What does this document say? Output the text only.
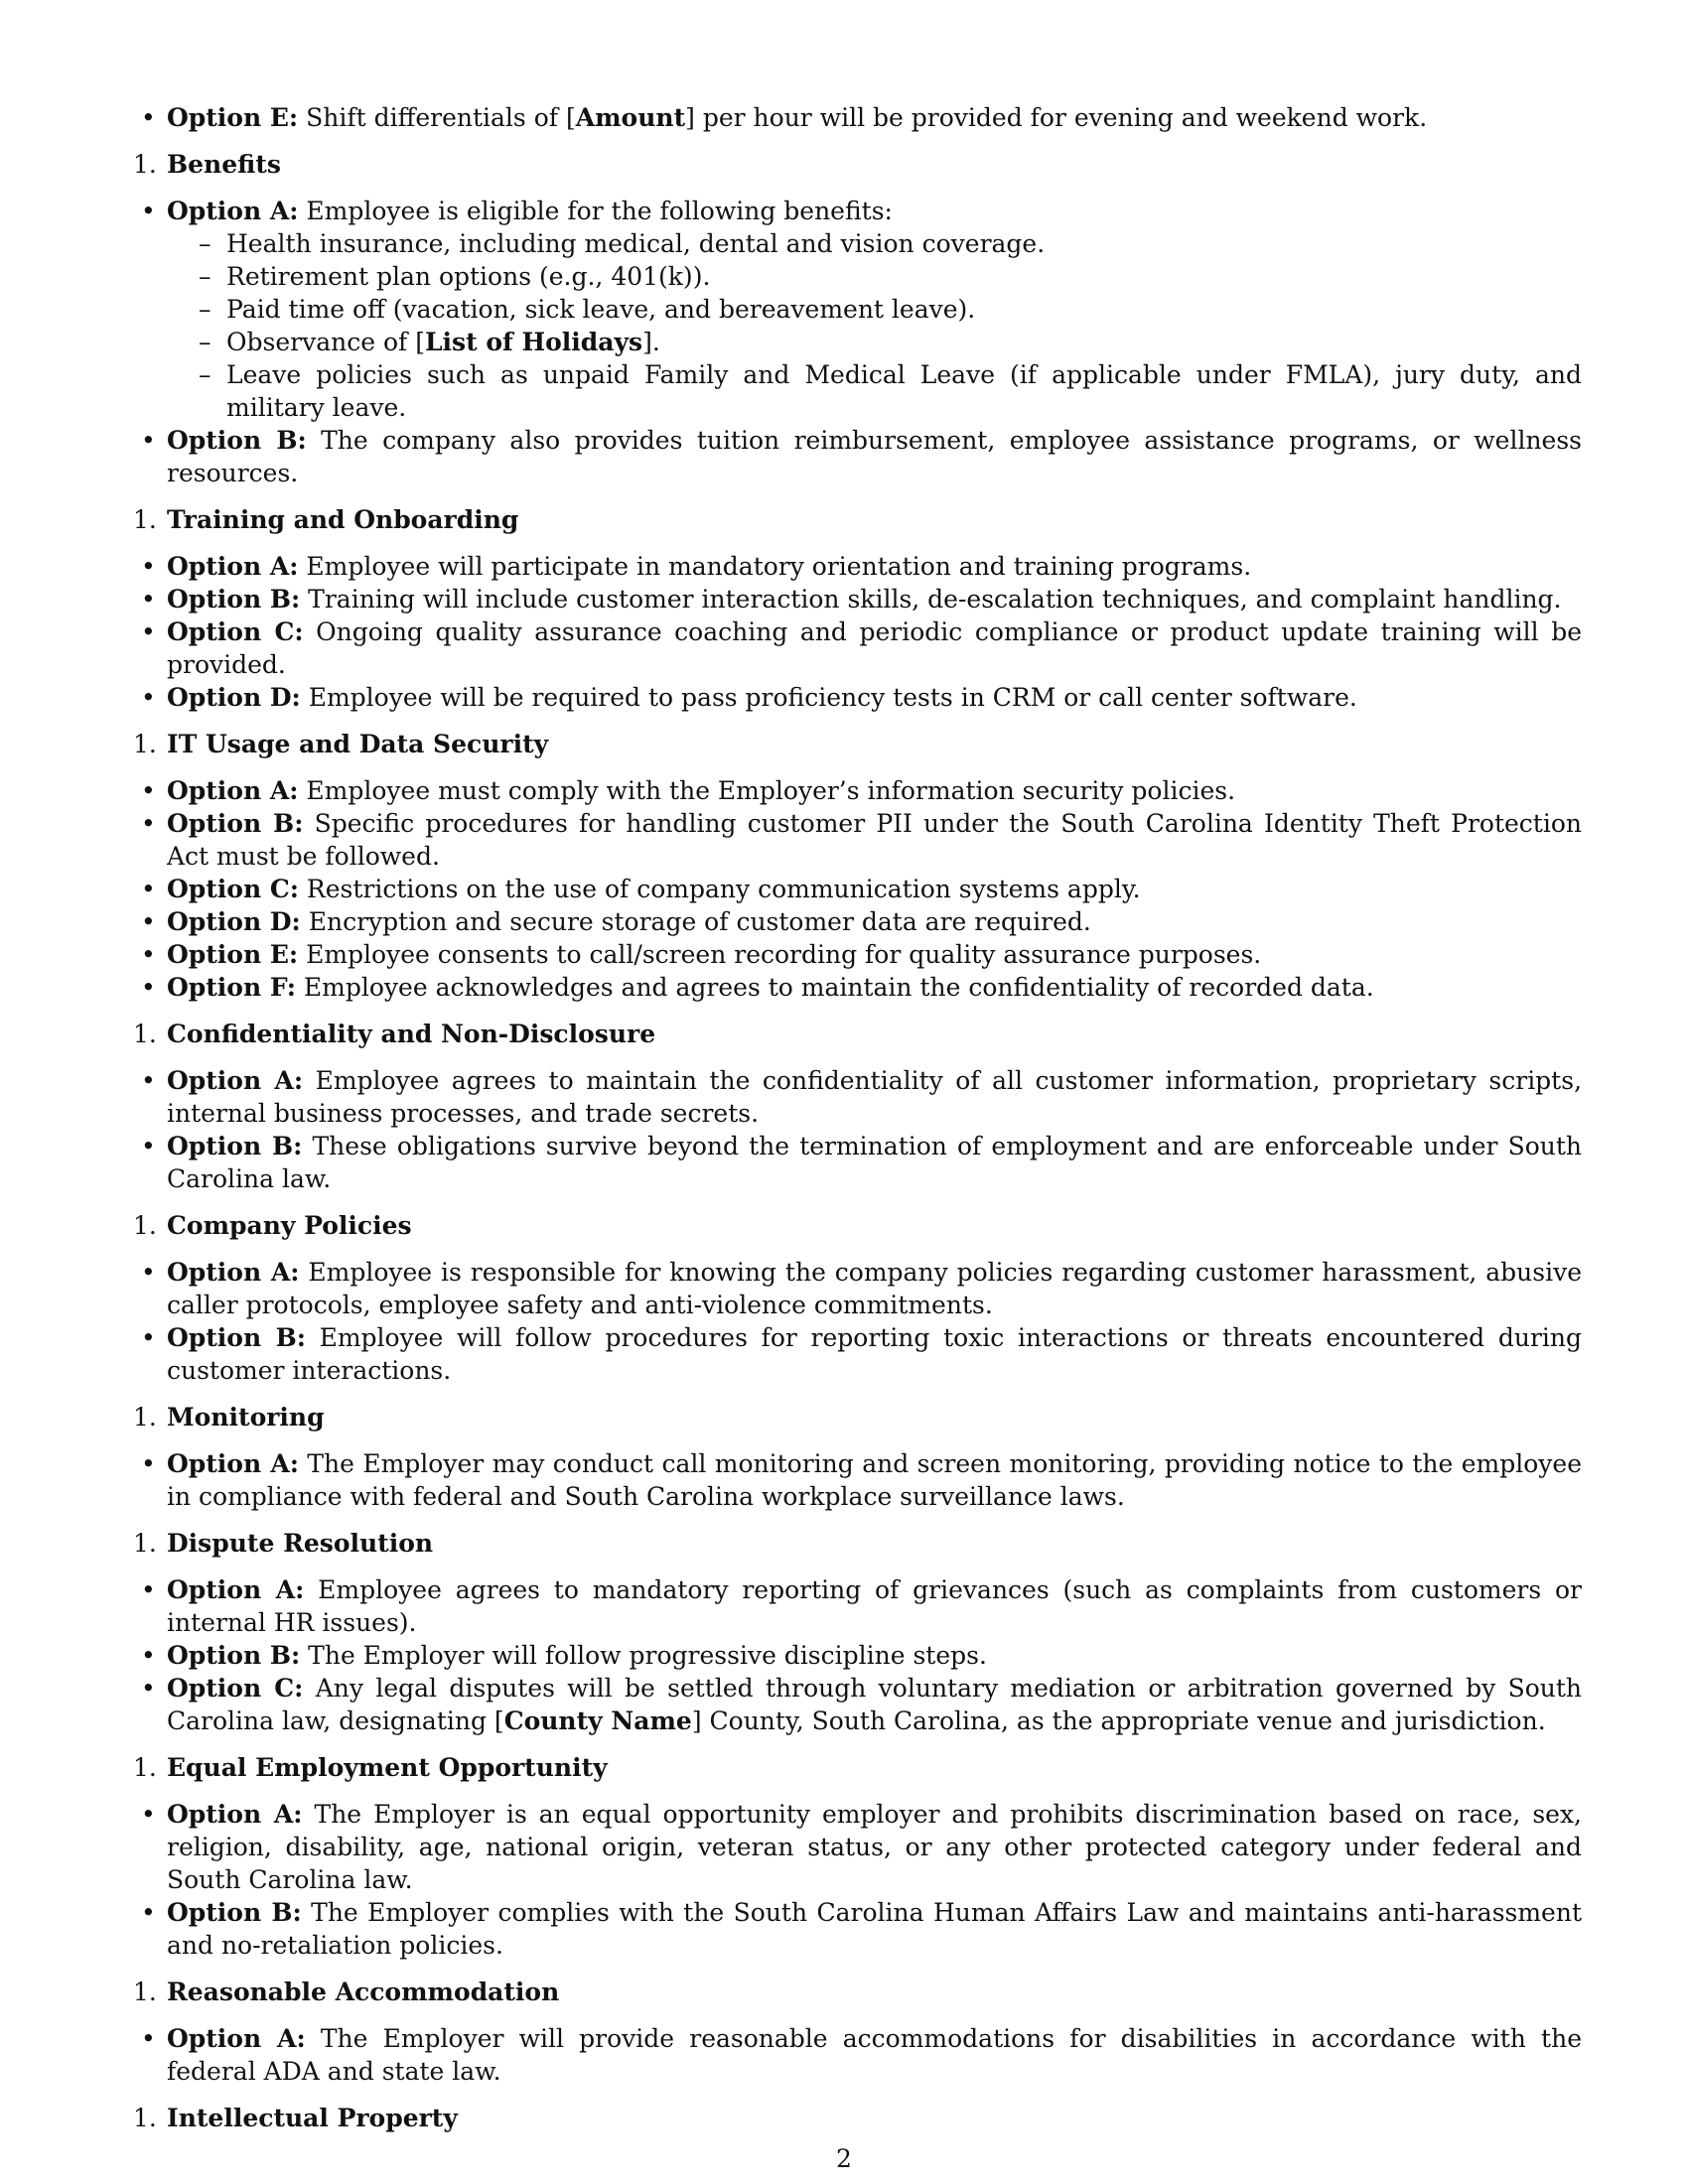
• Option E: Shift differentials of [Amount] per hour will be provided for evening and weekend work.
1. Benefits
• Option A: Employee is eligible for the following benefits:
– Health insurance, including medical, dental and vision coverage.
– Retirement plan options (e.g., 401(k)).
– Paid time off (vacation, sick leave, and bereavement leave).
– Observance of [List of Holidays].
– Leave policies such as unpaid Family and Medical Leave (if applicable under FMLA), jury duty, and military leave.
• Option B: The company also provides tuition reimbursement, employee assistance programs, or wellness resources.
1. Training and Onboarding
• Option A: Employee will participate in mandatory orientation and training programs.
• Option B: Training will include customer interaction skills, de-escalation techniques, and complaint handling.
• Option C: Ongoing quality assurance coaching and periodic compliance or product update training will be provided.
• Option D: Employee will be required to pass proficiency tests in CRM or call center software.
1. IT Usage and Data Security
• Option A: Employee must comply with the Employer’s information security policies.
• Option B: Specific procedures for handling customer PII under the South Carolina Identity Theft Protection Act must be followed.
• Option C: Restrictions on the use of company communication systems apply.
• Option D: Encryption and secure storage of customer data are required.
• Option E: Employee consents to call/screen recording for quality assurance purposes.
• Option F: Employee acknowledges and agrees to maintain the confidentiality of recorded data.
1. Confidentiality and Non-Disclosure
• Option A: Employee agrees to maintain the confidentiality of all customer information, proprietary scripts, internal business processes, and trade secrets.
• Option B: These obligations survive beyond the termination of employment and are enforceable under South Carolina law.
1. Company Policies
• Option A: Employee is responsible for knowing the company policies regarding customer harassment, abusive caller protocols, employee safety and anti-violence commitments.
• Option B: Employee will follow procedures for reporting toxic interactions or threats encountered during customer interactions.
1. Monitoring
• Option A: The Employer may conduct call monitoring and screen monitoring, providing notice to the employee in compliance with federal and South Carolina workplace surveillance laws.
1. Dispute Resolution
• Option A: Employee agrees to mandatory reporting of grievances (such as complaints from customers or internal HR issues).
• Option B: The Employer will follow progressive discipline steps.
• Option C: Any legal disputes will be settled through voluntary mediation or arbitration governed by South Carolina law, designating [County Name] County, South Carolina, as the appropriate venue and jurisdiction.
1. Equal Employment Opportunity
• Option A: The Employer is an equal opportunity employer and prohibits discrimination based on race, sex, religion, disability, age, national origin, veteran status, or any other protected category under federal and South Carolina law.
• Option B: The Employer complies with the South Carolina Human Affairs Law and maintains anti-harassment and no-retaliation policies.
1. Reasonable Accommodation
• Option A: The Employer will provide reasonable accommodations for disabilities in accordance with the federal ADA and state law.
1. Intellectual Property
2
